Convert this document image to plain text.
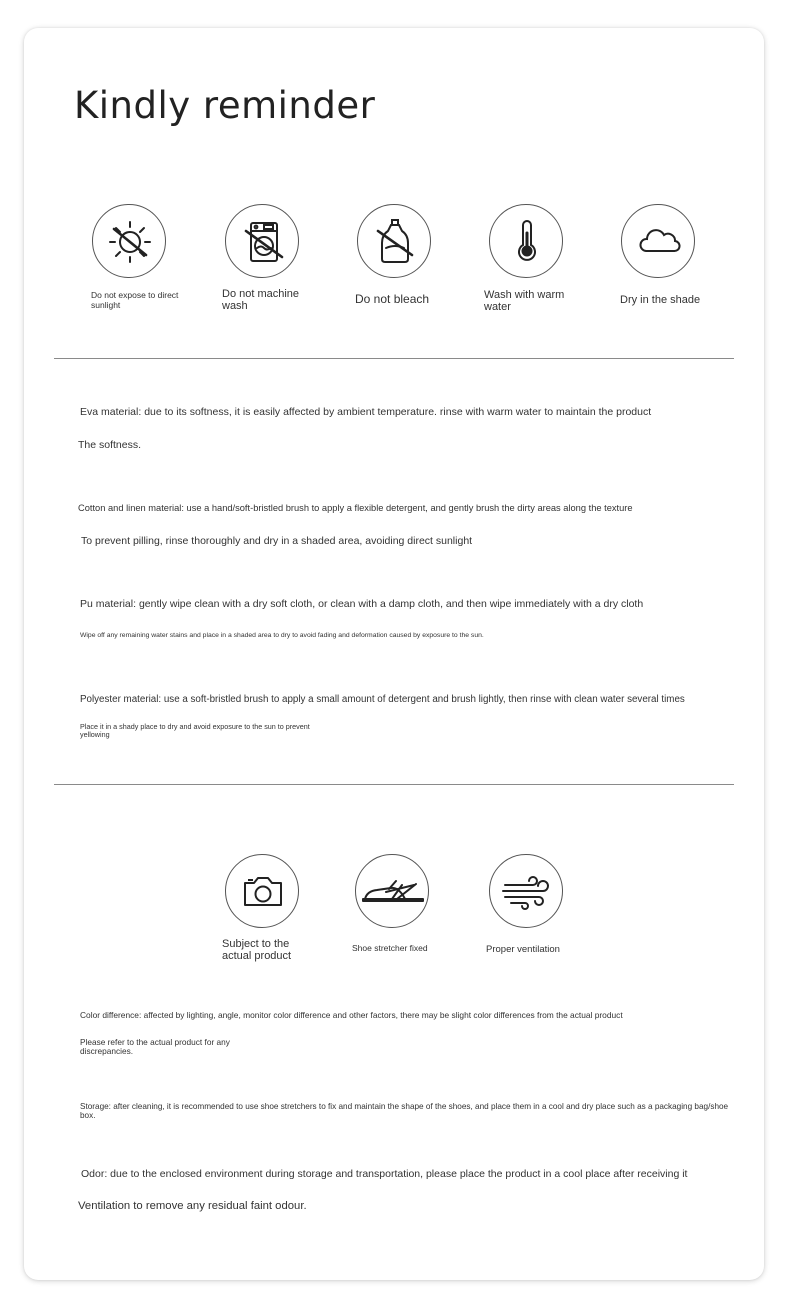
Kindly reminder
Do not expose to direct sunlight
Do not machine wash
Do not bleach	Wash with warm water
Dry in the shade
Eva material: due to its softness, it is easily affected by ambient temperature. rinse with warm water to maintain the product
The softness.
Cotton and linen material: use a hand/soft-bristled brush to apply a flexible detergent, and gently brush the dirty areas along the texture
To prevent pilling, rinse thoroughly and dry in a shaded area, avoiding direct sunlight
Pu material: gently wipe clean with a dry soft cloth, or clean with a damp cloth, and then wipe immediately with a dry cloth
Wipe off any remaining water stains and place in a shaded area to dry to avoid fading and deformation caused by exposure to the sun.
Polyester material: use a soft-bristled brush to apply a small amount of detergent and brush lightly, then rinse with clean water several times
Place it in a shady place to dry and avoid exposure to the sun to prevent yellowing
Subject to the actual product
Shoe stretcher fixed	Proper ventilation
Color difference: affected by lighting, angle, monitor color difference and other factors, there may be slight color differences from the actual product
Please refer to the actual product for any discrepancies.
Storage: after cleaning, it is recommended to use shoe stretchers to fix and maintain the shape of the shoes, and place them in a cool and dry place such as a packaging bag/shoe box.
Odor: due to the enclosed environment during storage and transportation, please place the product in a cool place after receiving it
Ventilation to remove any residual faint odour.
